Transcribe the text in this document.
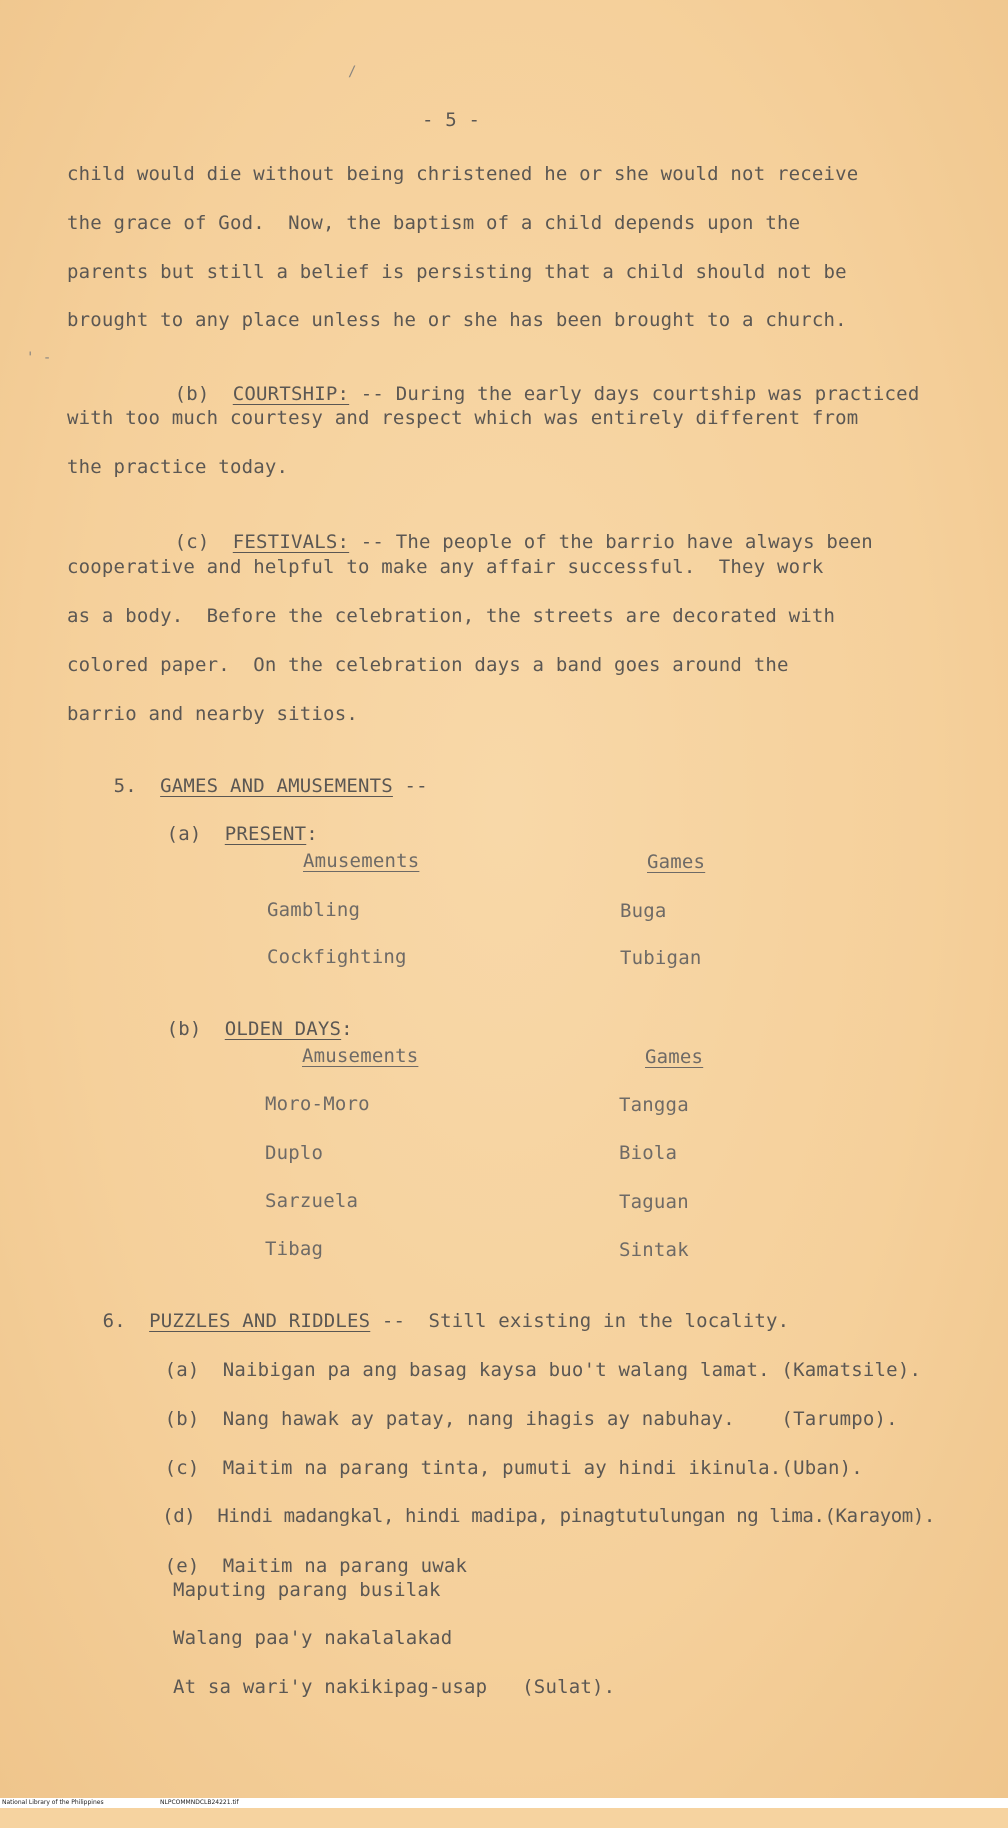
- 5 -
child would die without being christened he or she would not receive
the grace of God.  Now, the baptism of a child depends upon the
parents but still a belief is persisting that a child should not be
brought to any place unless he or she has been brought to a church.

(b) COURTSHIP: -- During the early days courtship was practiced

with too much courtesy and respect which was entirely different from
the practice today.

(c) FESTIVALS: -- The people of the barrio have always been

cooperative and helpful to make any affair successful.  They work
as a body.  Before the celebration, the streets are decorated with
colored paper.  On the celebration days a band goes around the
barrio and nearby sitios.

5. GAMES AND AMUSEMENTS --

(a) PRESENT:

Amusements	Games
Gambling	Buga
Cockfighting	Tubigan

(b) OLDEN DAYS:

Amusements	Games
Moro-Moro	Tangga
Duplo	Biola
Sarzuela	Taguan
Tibag	Sintak

6. PUZZLES AND RIDDLES --  Still existing in the locality.

(a) Naibigan pa ang basag kaysa buo't walang lamat. (Kamatsile).

(b) Nang hawak ay patay, nang ihagis ay nabuhay.    (Tarumpo).

(c) Maitim na parang tinta, pumuti ay hindi ikinula.(Uban).

(d) Hindi madangkal, hindi madipa, pinagtutulungan ng lima.(Karayom).

(e) Maitim na parang uwak

Maputing parang busilak
Walang paa'y nakalalakad
At sa wari'y nakikipag-usap   (Sulat).
/
' -

National Library of the Philippines

	NLPCOMMNDCLB24221.tif
